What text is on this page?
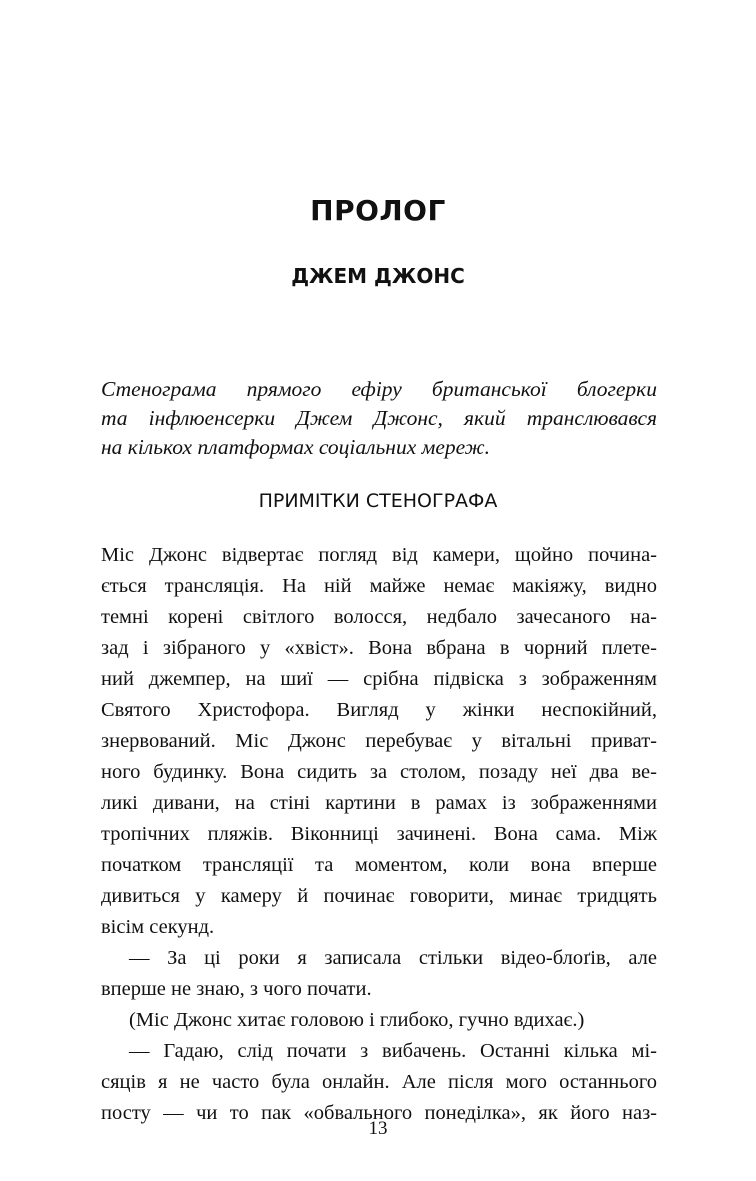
ПРОЛОГ
ДЖЕМ ДЖОНС
Стенограма прямого ефіру британської блогерки
та інфлюенсерки Джем Джонс, який транслювався
на кількох платформах соціальних мереж.
ПРИМІТКИ СТЕНОГРАФА
Міс Джонс відвертає погляд від камери, щойно почина-
ється трансляція. На ній майже немає макіяжу, видно
темні корені світлого волосся, недбало зачесаного на-
зад і зібраного у «хвіст». Вона вбрана в чорний плете-
ний джемпер, на шиї — срібна підвіска з зображенням
Святого Христофора. Вигляд у жінки неспокійний,
знервований. Міс Джонс перебуває у вітальні приват-
ного будинку. Вона сидить за столом, позаду неї два ве-
ликі дивани, на стіні картини в рамах із зображеннями
тропічних пляжів. Віконниці зачинені. Вона сама. Між
початком трансляції та моментом, коли вона вперше
дивиться у камеру й починає говорити, минає тридцять
вісім секунд.
— За ці роки я записала стільки відео-блоґів, але
вперше не знаю, з чого почати.
(Міс Джонс хитає головою і глибоко, гучно вдихає.)
— Гадаю, слід почати з вибачень. Останні кілька мі-
сяців я не часто була онлайн. Але після мого останнього
посту — чи то пак «обвального понеділка», як його наз-
13
